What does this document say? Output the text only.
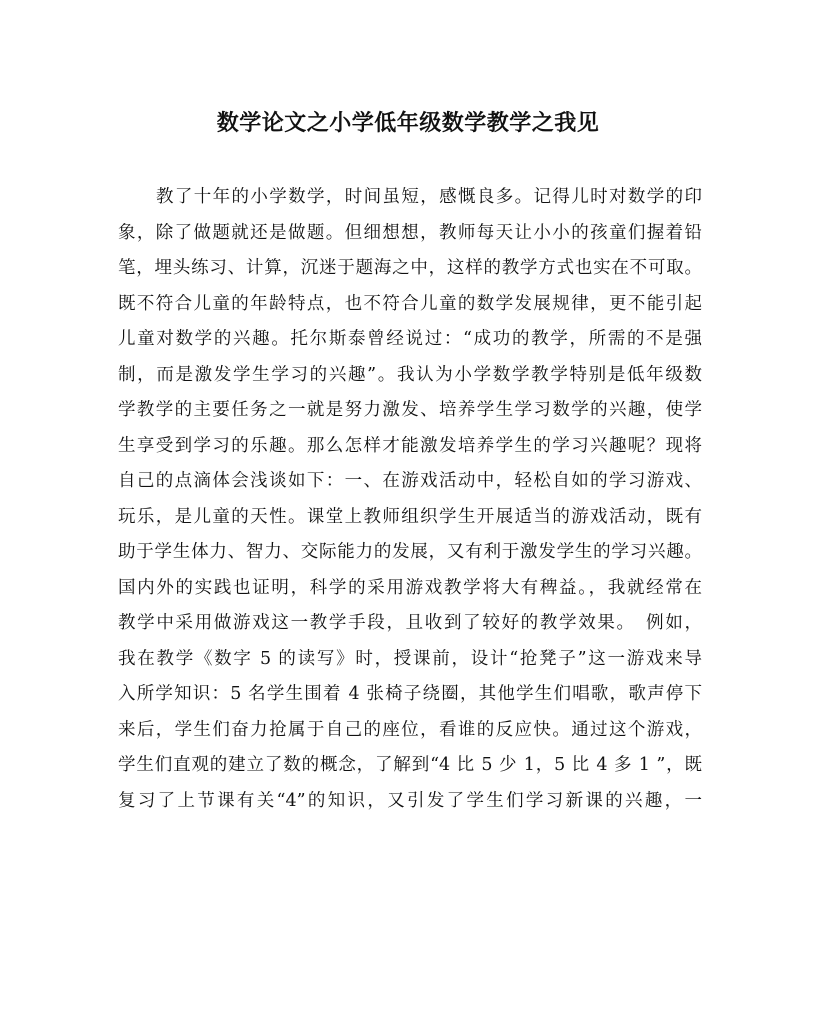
数学论文之小学低年级数学教学之我见
教了十年的小学数学，时间虽短，感慨良多。记得儿时对数学的印
象，除了做题就还是做题。但细想想，教师每天让小小的孩童们握着铅
笔，埋头练习、计算，沉迷于题海之中，这样的教学方式也实在不可取。
既不符合儿童的年龄特点，也不符合儿童的数学发展规律，更不能引起
儿童对数学的兴趣。托尔斯泰曾经说过：“成功的教学，所需的不是强
制，而是激发学生学习的兴趣”。我认为小学数学教学特别是低年级数
学教学的主要任务之一就是努力激发、培养学生学习数学的兴趣，使学
生享受到学习的乐趣。那么怎样才能激发培养学生的学习兴趣呢？现将
自己的点滴体会浅谈如下：一、在游戏活动中，轻松自如的学习游戏、
玩乐，是儿童的天性。课堂上教师组织学生开展适当的游戏活动，既有
助于学生体力、智力、交际能力的发展，又有利于激发学生的学习兴趣。
国内外的实践也证明，科学的采用游戏教学将大有稗益。，我就经常在
教学中采用做游戏这一教学手段，且收到了较好的教学效果。　例如，
我在教学《数字 5 的读写》时，授课前，设计“抢凳子”这一游戏来导
入所学知识：5 名学生围着 4 张椅子绕圈，其他学生们唱歌，歌声停下
来后，学生们奋力抢属于自己的座位，看谁的反应快。通过这个游戏，
学生们直观的建立了数的概念，了解到“4 比 5 少 1，5 比 4 多 1 ”，既
复习了上节课有关“4”的知识，又引发了学生们学习新课的兴趣，一
